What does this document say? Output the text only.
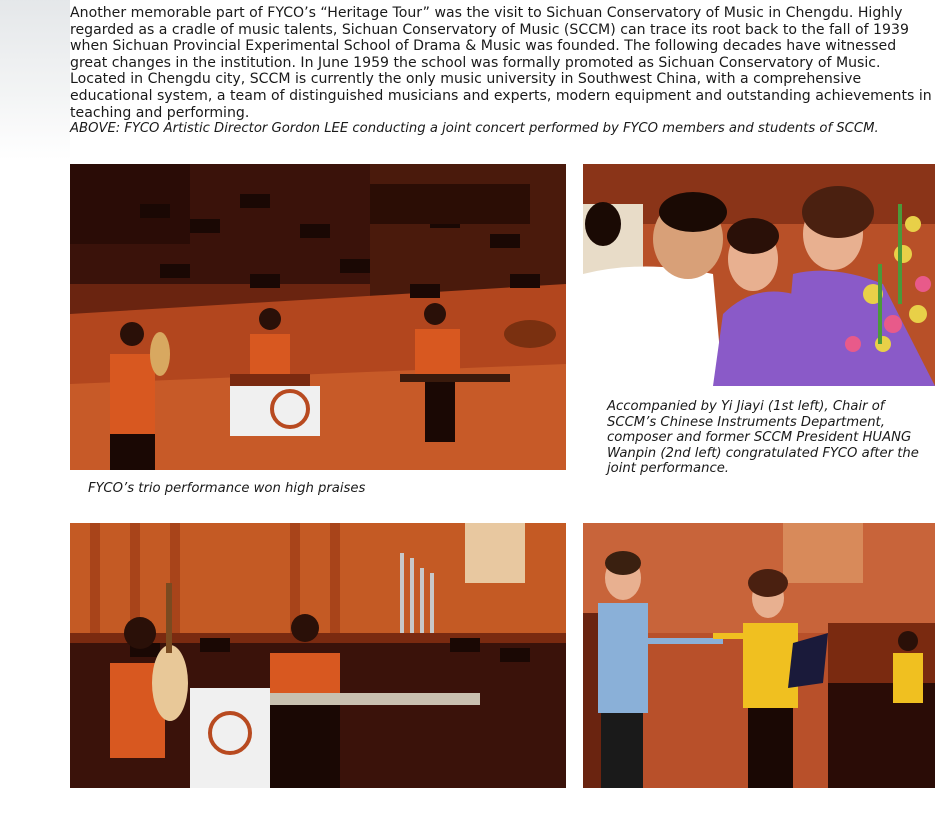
Another memorable part of FYCO’s “Heritage Tour” was the visit to Sichuan Conservatory of Music in Chengdu. Highly regarded as a cradle of music talents, Sichuan Conservatory of Music (SCCM) can trace its root back to the fall of 1939 when Sichuan Provincial Experimental School of Drama & Music was founded. The following decades have witnessed great changes in the institution. In June 1959 the school was formally promoted as Sichuan Conservatory of Music. Located in Chengdu city, SCCM is currently the only music university in Southwest China, with a comprehensive educational system, a team of distinguished musicians and experts, modern equipment and outstanding achievements in teaching and performing.

ABOVE: FYCO Artistic Director Gordon LEE conducting a joint concert performed by FYCO members and students of SCCM.

FYCO’s trio performance won high praises

Accompanied by Yi Jiayi (1st left), Chair of SCCM’s Chinese Instruments Department, composer and former SCCM President HUANG Wanpin (2nd left) congratulated FYCO after the joint performance.
